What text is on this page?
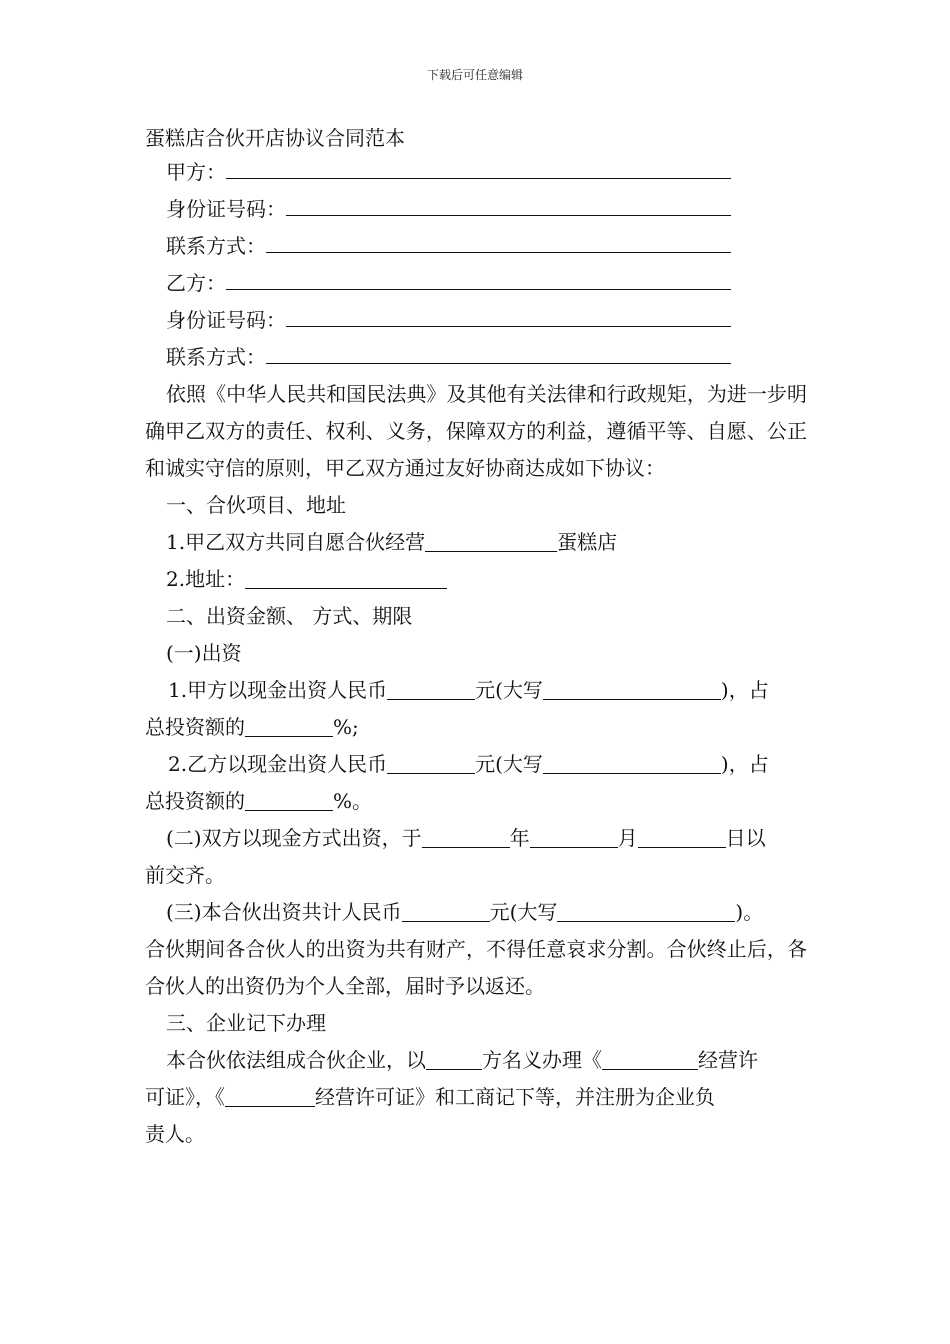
下载后可任意编辑
蛋糕店合伙开店协议合同范本
甲方：
身份证号码：
联系方式：
乙方：
身份证号码：
联系方式：
依照《中华人民共和国民法典》及其他有关法律和行政规矩，为进一步明确甲乙双方的责任、权利、义务，保障双方的利益，遵循平等、自愿、公正和诚实守信的原则，甲乙双方通过友好协商达成如下协议：
一、合伙项目、地址
1.甲乙双方共同自愿合伙经营	蛋糕店
2.地址：
二、出资金额、 方式、期限
(一)出资
1.甲方以现金出资人民币	元(大写	)，占
总投资额的	%;
2.乙方以现金出资人民币	元(大写	)，占
总投资额的	%。
(二)双方以现金方式出资，于	年	月	日以
前交齐。
(三)本合伙出资共计人民币	元(大写	)。
合伙期间各合伙人的出资为共有财产，不得任意哀求分割。合伙终止后，各合伙人的出资仍为个人全部，届时予以返还。
三、企业记下办理
本合伙依法组成合伙企业，以	方名义办理《	经营许
可证》，《	经营许可证》和工商记下等，并注册为企业负
责人。
